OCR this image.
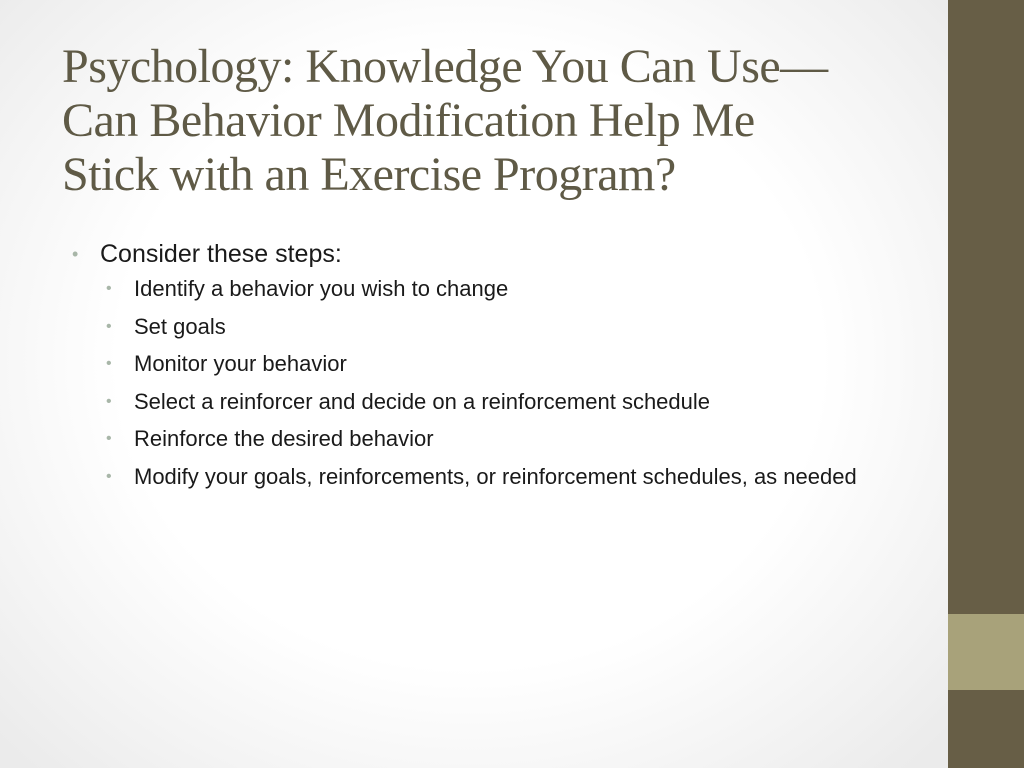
Psychology: Knowledge You Can Use—
Can Behavior Modification Help Me
Stick with an Exercise Program?
• Consider these steps:
• Identify a behavior you wish to change
• Set goals
• Monitor your behavior
• Select a reinforcer and decide on a reinforcement schedule
• Reinforce the desired behavior
• Modify your goals, reinforcements, or reinforcement schedules, as needed
